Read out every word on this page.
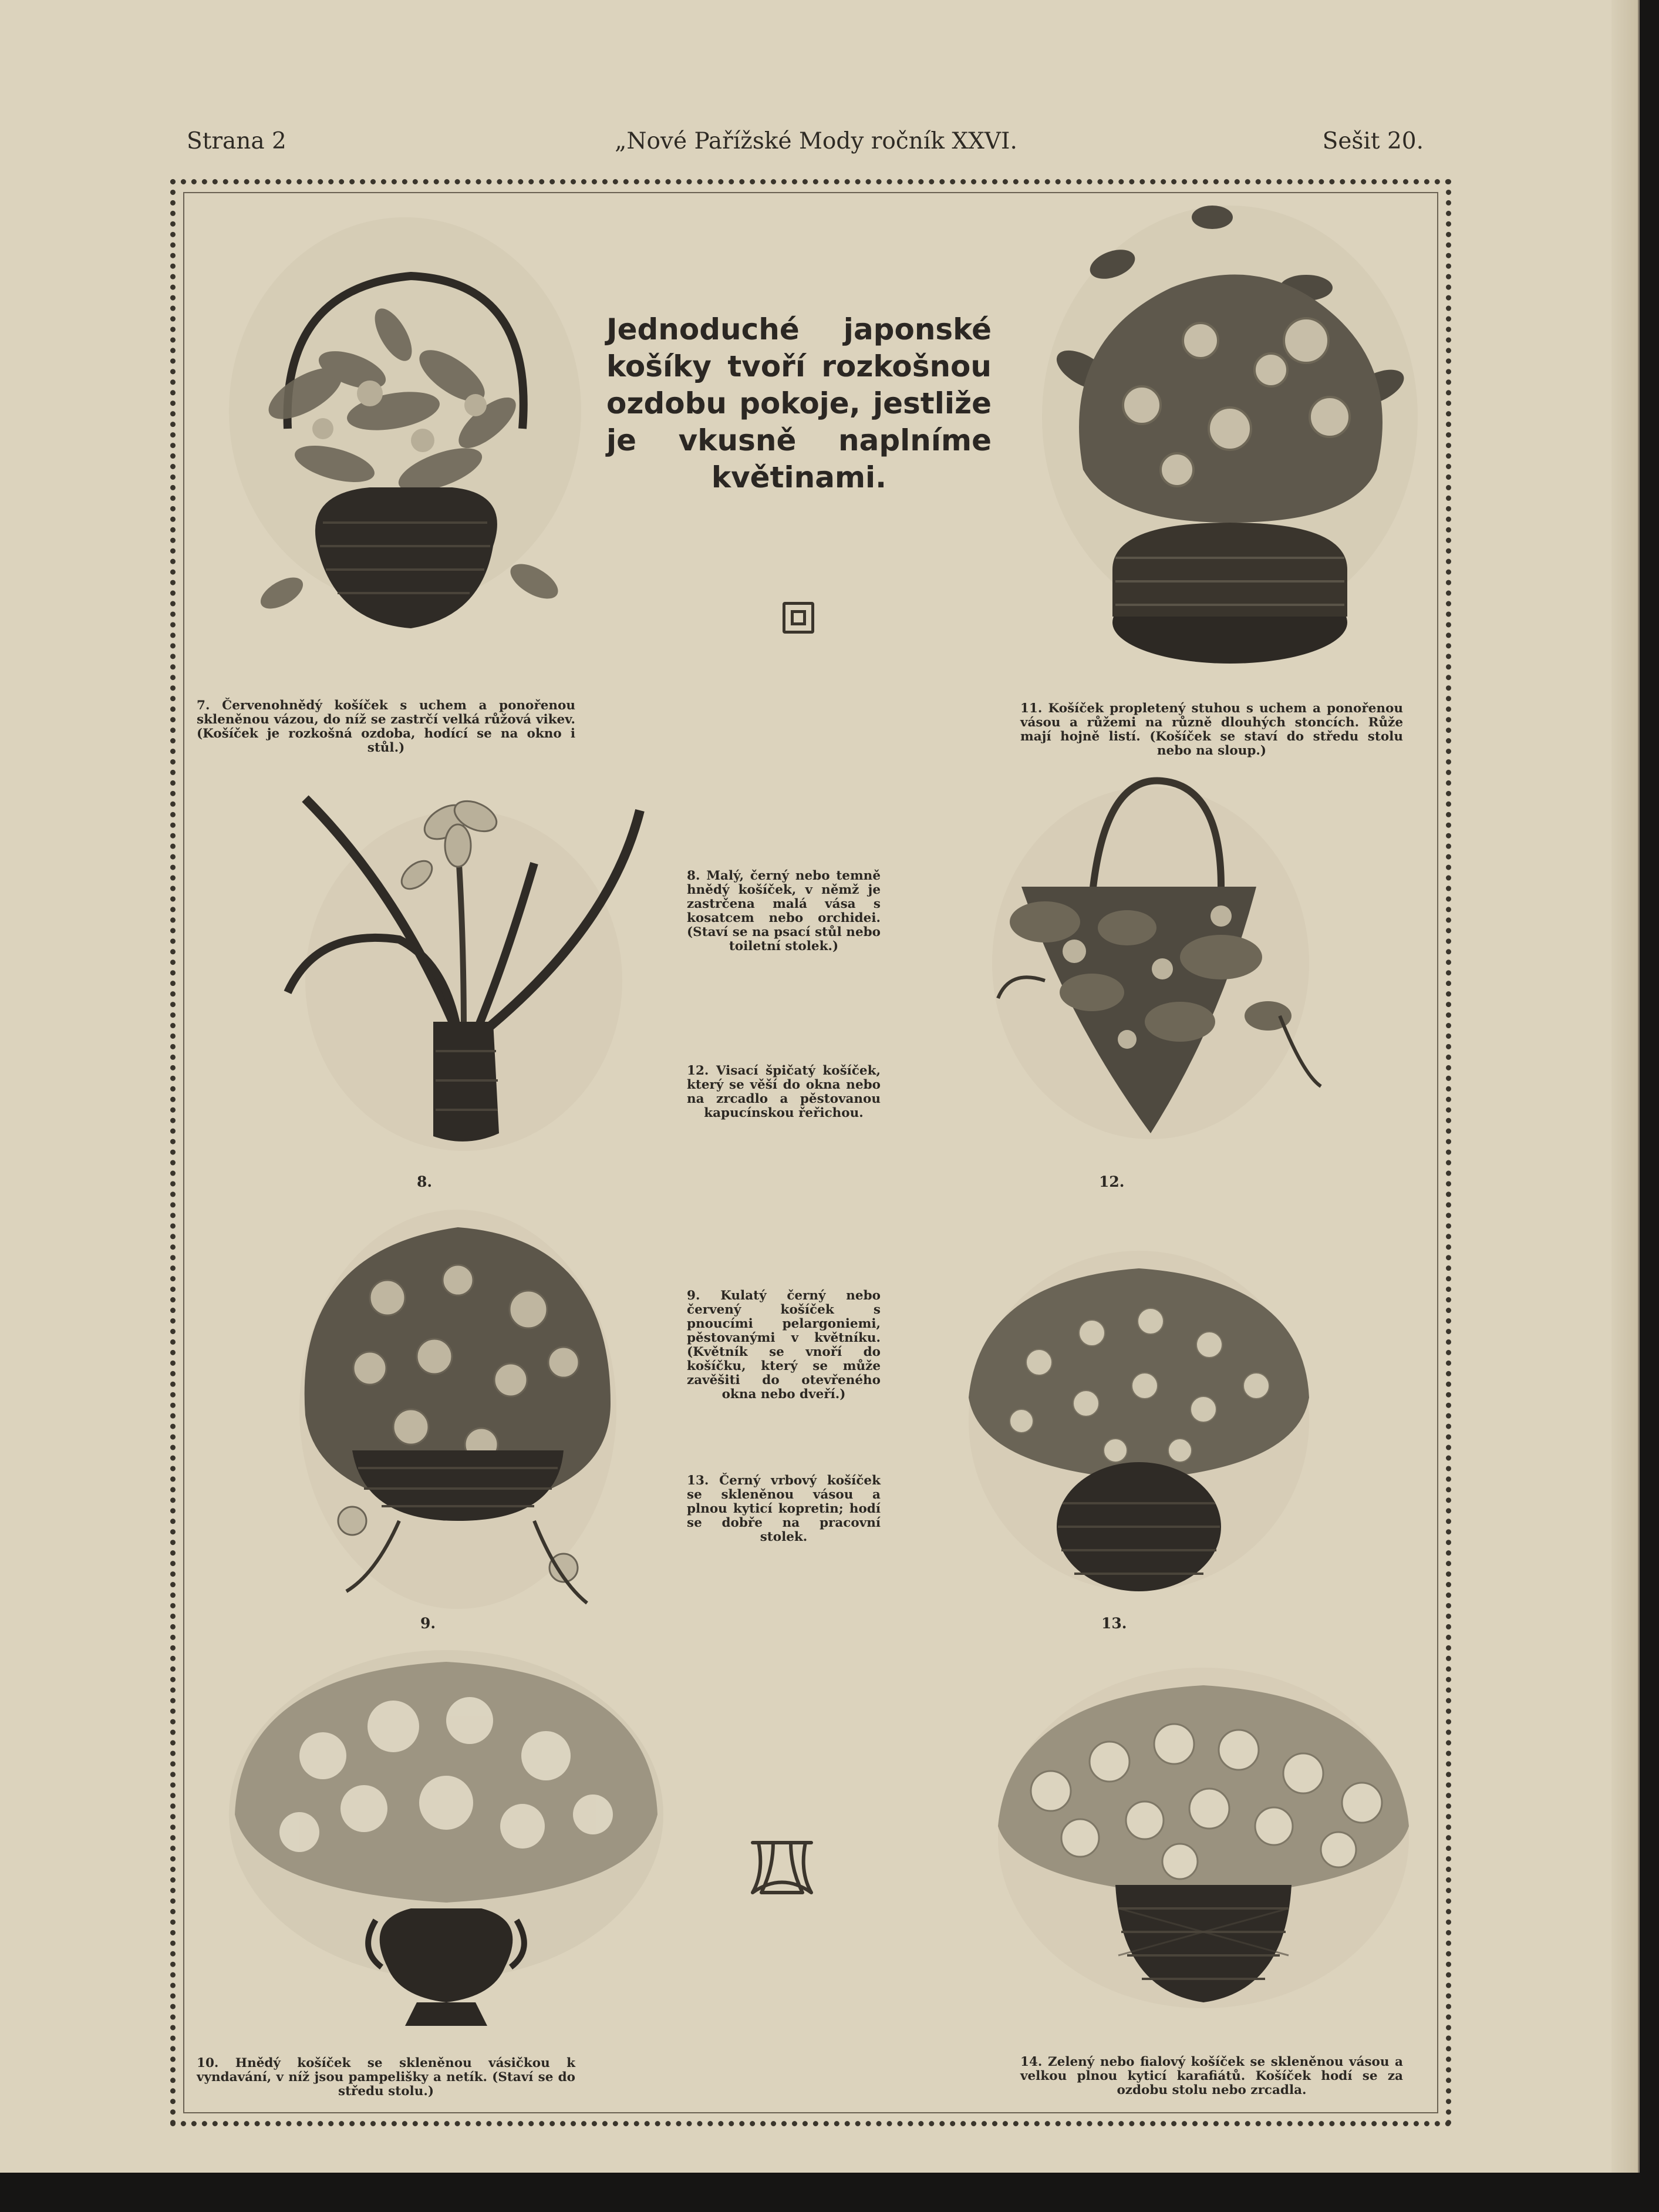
Strana 2	„Nové Pařížské Mody ročník XXVI.	Sešit 20.
Jednoduché japonské košíky tvoří rozkošnou ozdobu pokoje, jestliže je vkusně naplníme květinami.
7. Červenohnědý košíček s uchem a ponořenou skleněnou vázou, do níž se zastrčí velká růžová vikev. (Košíček je rozkošná ozdoba, hodící se na okno i stůl.)
11. Košíček propletený stuhou s uchem a ponořenou vásou a růžemi na různě dlouhých stoncích. Růže mají hojně listí. (Košíček se staví do středu stolu nebo na sloup.)
8.
8. Malý, černý nebo temně hnědý košíček, v němž je zastrčena malá vása s kosatcem nebo orchidei. (Staví se na psací stůl nebo toiletní stolek.)
12. Visací špičatý košíček, který se věší do okna nebo na zrcadlo a pěstovanou kapucínskou řeřichou.
12.
9.
9. Kulatý černý nebo červený košíček s pnoucími pelargoniemi, pěstovanými v květníku. (Květník se vnoří do košíčku, který se může zavěšiti do otevřeného okna nebo dveří.)
13. Černý vrbový košíček se skleněnou vásou a plnou kyticí kopretin; hodí se dobře na pracovní stolek.
13.
10. Hnědý košíček se skleněnou vásičkou k vyndavání, v níž jsou pampelišky a netík. (Staví se do středu stolu.)
14. Zelený nebo fialový košíček se skleněnou vásou a velkou plnou kyticí karafiátů. Košíček hodí se za ozdobu stolu nebo zrcadla.
